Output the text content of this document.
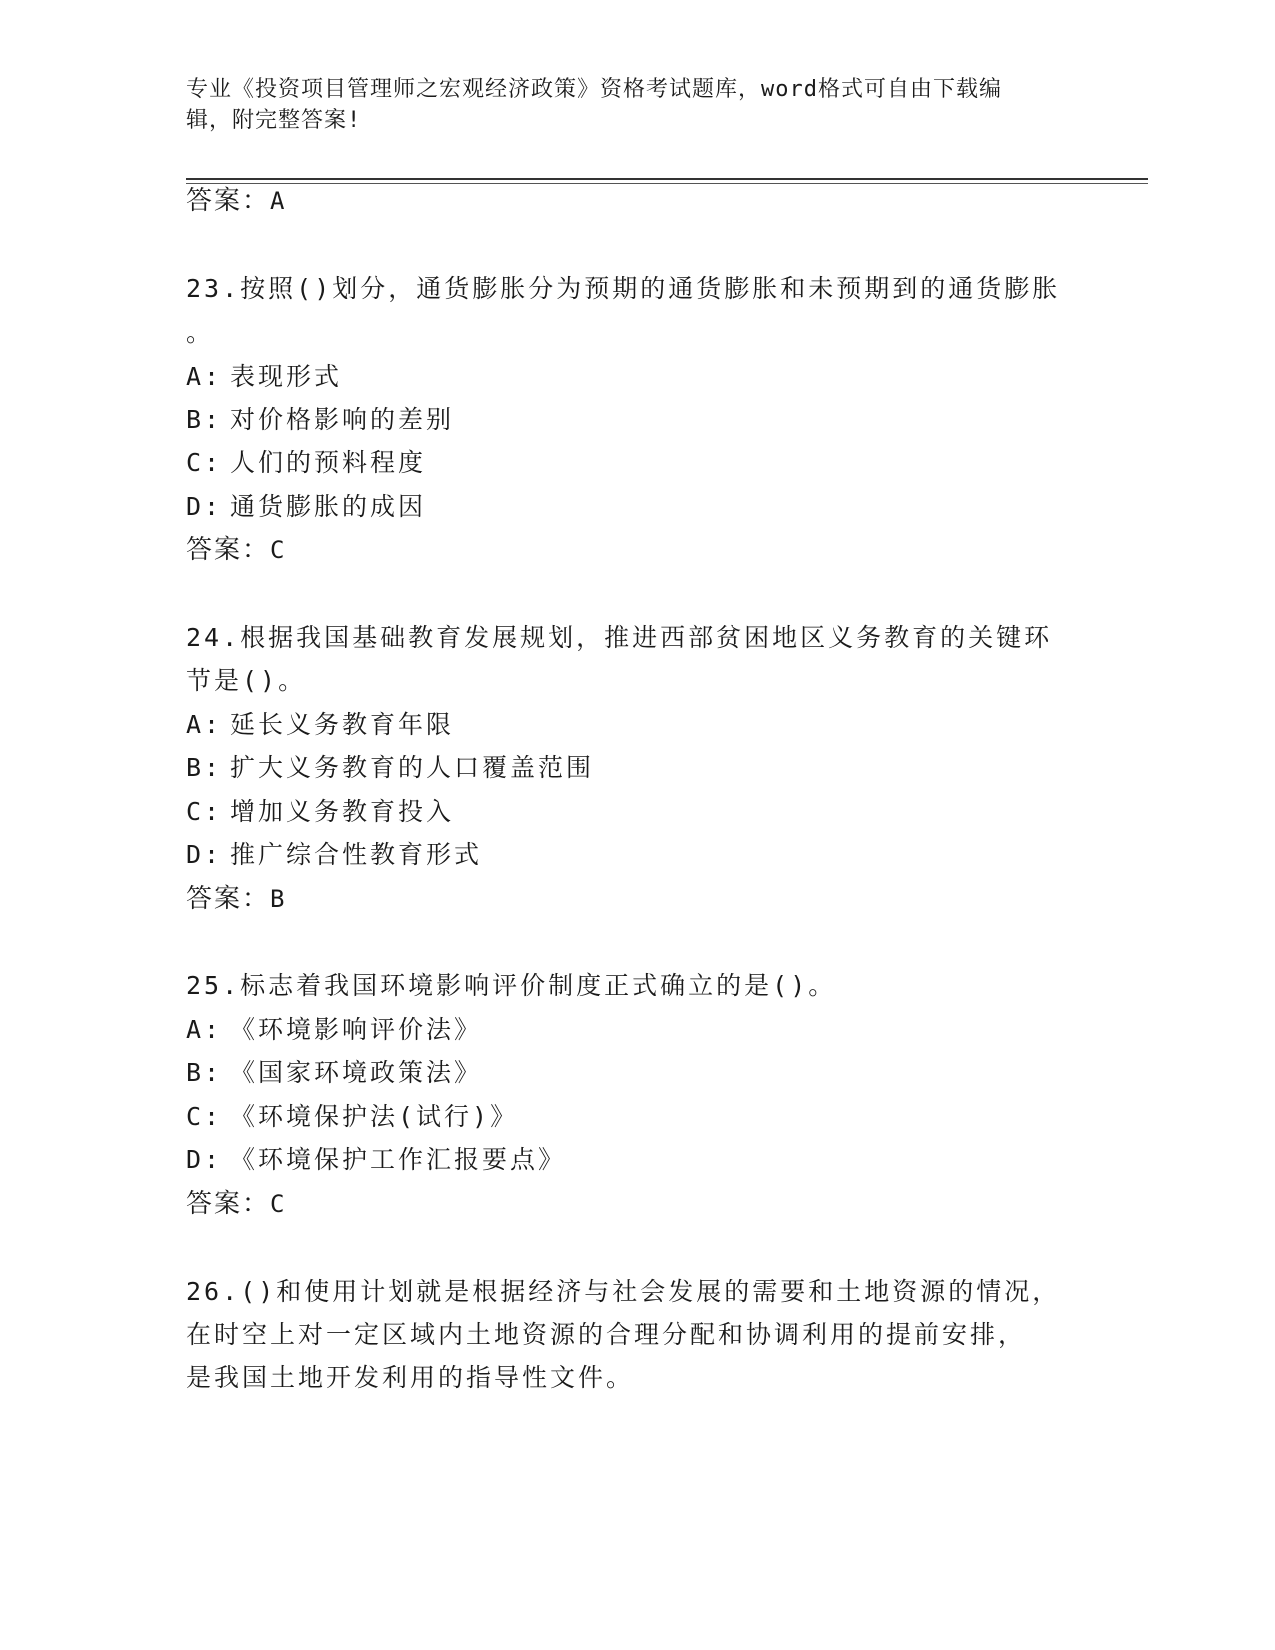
专业《投资项目管理师之宏观经济政策》资格考试题库，word格式可自由下载编
辑，附完整答案!
答案：A
23.按照()划分，通货膨胀分为预期的通货膨胀和未预期到的通货膨胀
。
A: 表现形式
B: 对价格影响的差别
C: 人们的预料程度
D: 通货膨胀的成因
答案：C
24.根据我国基础教育发展规划，推进西部贫困地区义务教育的关键环
节是()。
A: 延长义务教育年限
B: 扩大义务教育的人口覆盖范围
C: 增加义务教育投入
D: 推广综合性教育形式
答案：B
25.标志着我国环境影响评价制度正式确立的是()。
A: 《环境影响评价法》
B: 《国家环境政策法》
C: 《环境保护法(试行)》
D: 《环境保护工作汇报要点》
答案：C
26.()和使用计划就是根据经济与社会发展的需要和土地资源的情况，
在时空上对一定区域内土地资源的合理分配和协调利用的提前安排，
是我国土地开发利用的指导性文件。
